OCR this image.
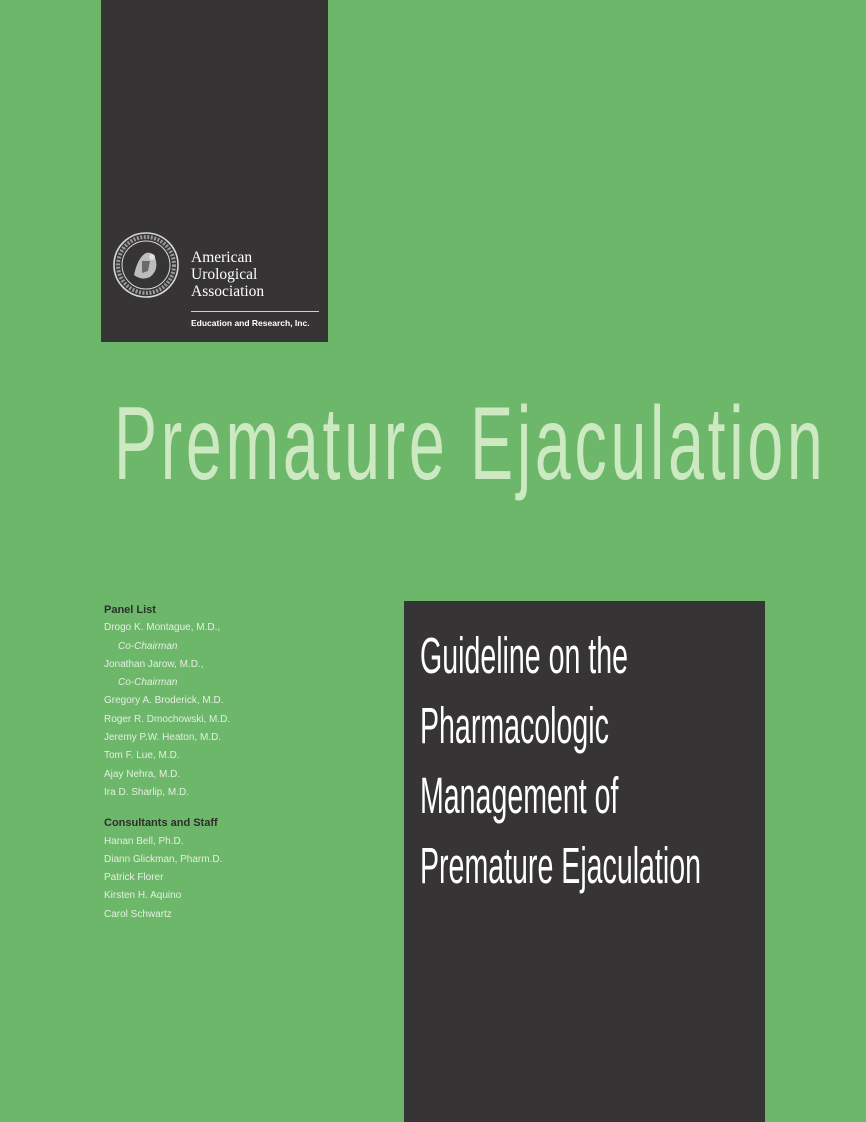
American
Urological
Association
Education and Research, Inc.
Premature Ejaculation
Panel List
Drogo K. Montague, M.D.,
Co-Chairman
Jonathan Jarow, M.D.,
Co-Chairman
Gregory A. Broderick, M.D.
Roger R. Dmochowski, M.D.
Jeremy P.W. Heaton, M.D.
Tom F. Lue, M.D.
Ajay Nehra, M.D.
Ira D. Sharlip, M.D.
Consultants and Staff
Hanan Bell, Ph.D.
Diann Glickman, Pharm.D.
Patrick Florer
Kirsten H. Aquino
Carol Schwartz
Guideline on the
Pharmacologic
Management of
Premature Ejaculation
